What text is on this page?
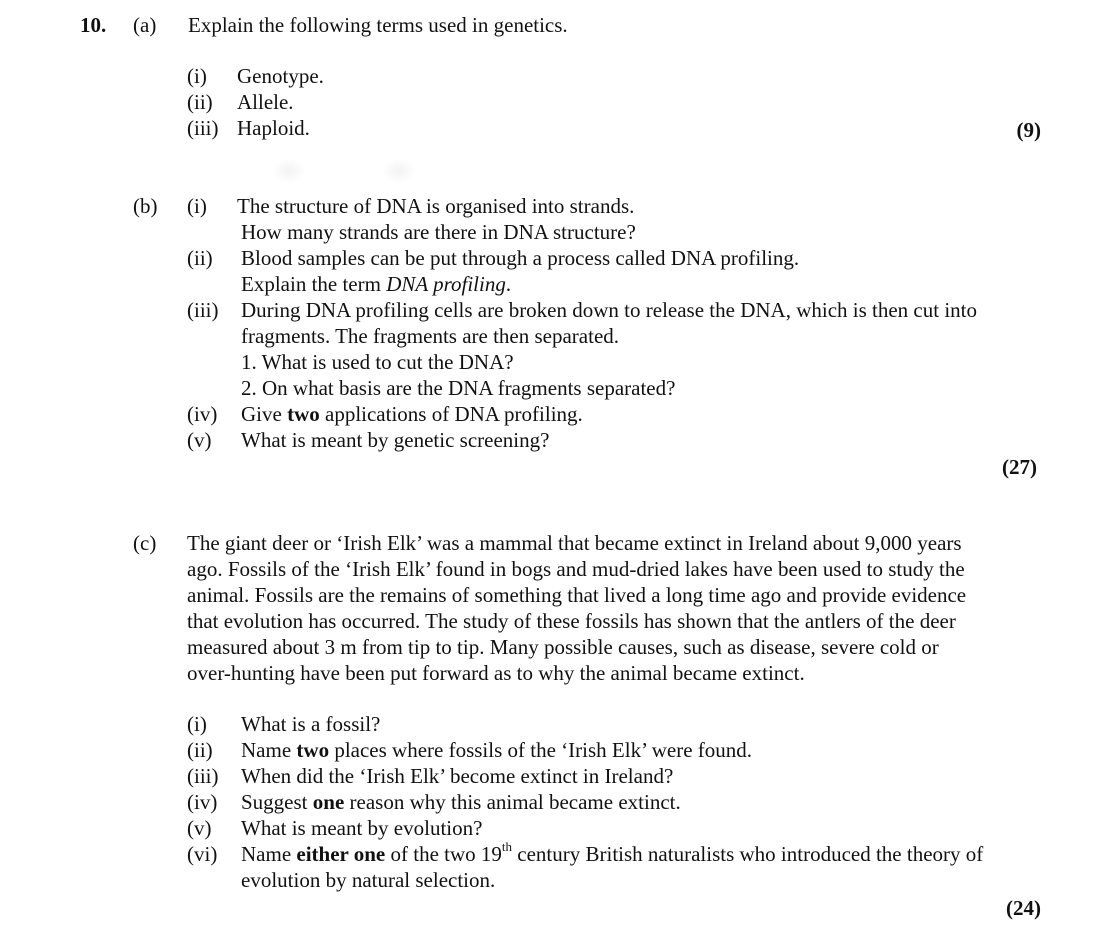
10. (a) Explain the following terms used in genetics.
(i) Genotype.
(ii) Allele.
(iii) Haploid.	(9)
(b) (i) The structure of DNA is organised into strands.
How many strands are there in DNA structure?
(ii) Blood samples can be put through a process called DNA profiling.
Explain the term DNA profiling.
(iii) During DNA profiling cells are broken down to release the DNA, which is then cut into
fragments. The fragments are then separated.
1. What is used to cut the DNA?
2. On what basis are the DNA fragments separated?
(iv) Give two applications of DNA profiling.
(v) What is meant by genetic screening?
(27)
(c) The giant deer or ‘Irish Elk’ was a mammal that became extinct in Ireland about 9,000 years
ago. Fossils of the ‘Irish Elk’ found in bogs and mud-dried lakes have been used to study the
animal. Fossils are the remains of something that lived a long time ago and provide evidence
that evolution has occurred. The study of these fossils has shown that the antlers of the deer
measured about 3 m from tip to tip. Many possible causes, such as disease, severe cold or
over-hunting have been put forward as to why the animal became extinct.
(i) What is a fossil?
(ii) Name two places where fossils of the ‘Irish Elk’ were found.
(iii) When did the ‘Irish Elk’ become extinct in Ireland?
(iv) Suggest one reason why this animal became extinct.
(v) What is meant by evolution?
(vi) Name either one of the two 19th century British naturalists who introduced the theory of
evolution by natural selection.
(24)
